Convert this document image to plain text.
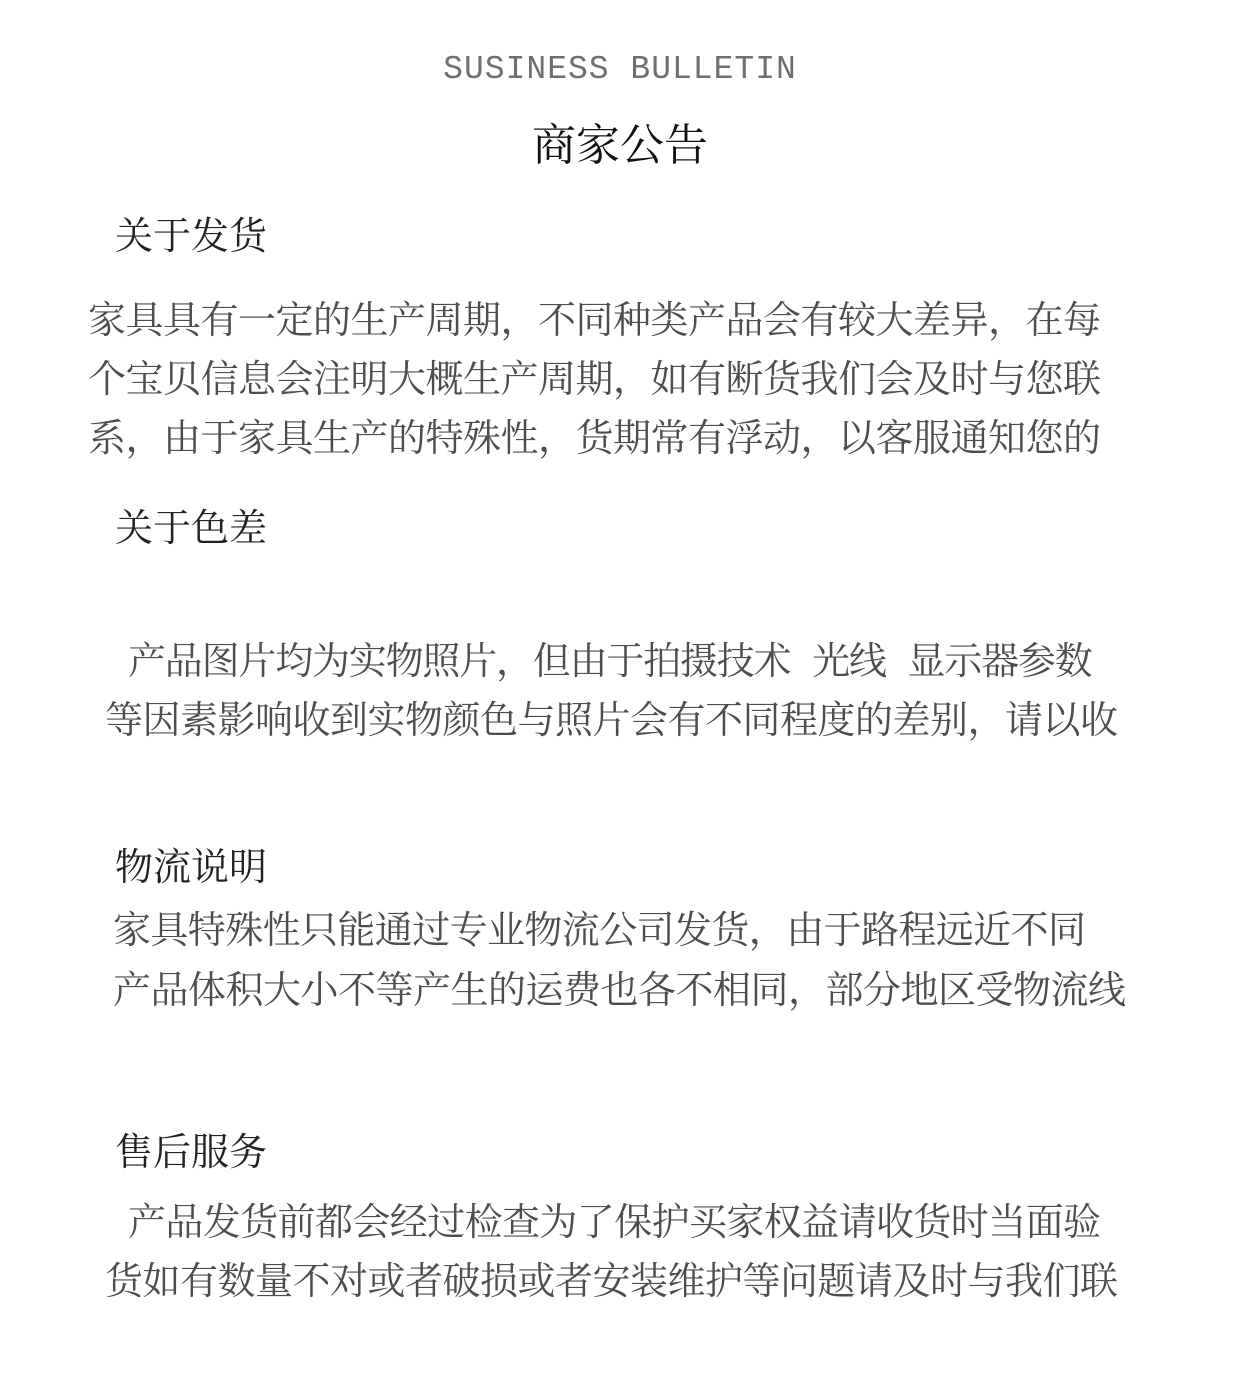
SUSINESS BULLETIN
商家公告
关于发货
家具具有一定的生产周期，不同种类产品会有较大差异，在每
个宝贝信息会注明大概生产周期，如有断货我们会及时与您联
系，由于家具生产的特殊性，货期常有浮动，以客服通知您的
关于色差
产品图片均为实物照片，但由于拍摄技术  光线  显示器参数
等因素影响收到实物颜色与照片会有不同程度的差别，请以收
物流说明
家具特殊性只能通过专业物流公司发货，由于路程远近不同
产品体积大小不等产生的运费也各不相同，部分地区受物流线
售后服务
产品发货前都会经过检查为了保护买家权益请收货时当面验
货如有数量不对或者破损或者安装维护等问题请及时与我们联
